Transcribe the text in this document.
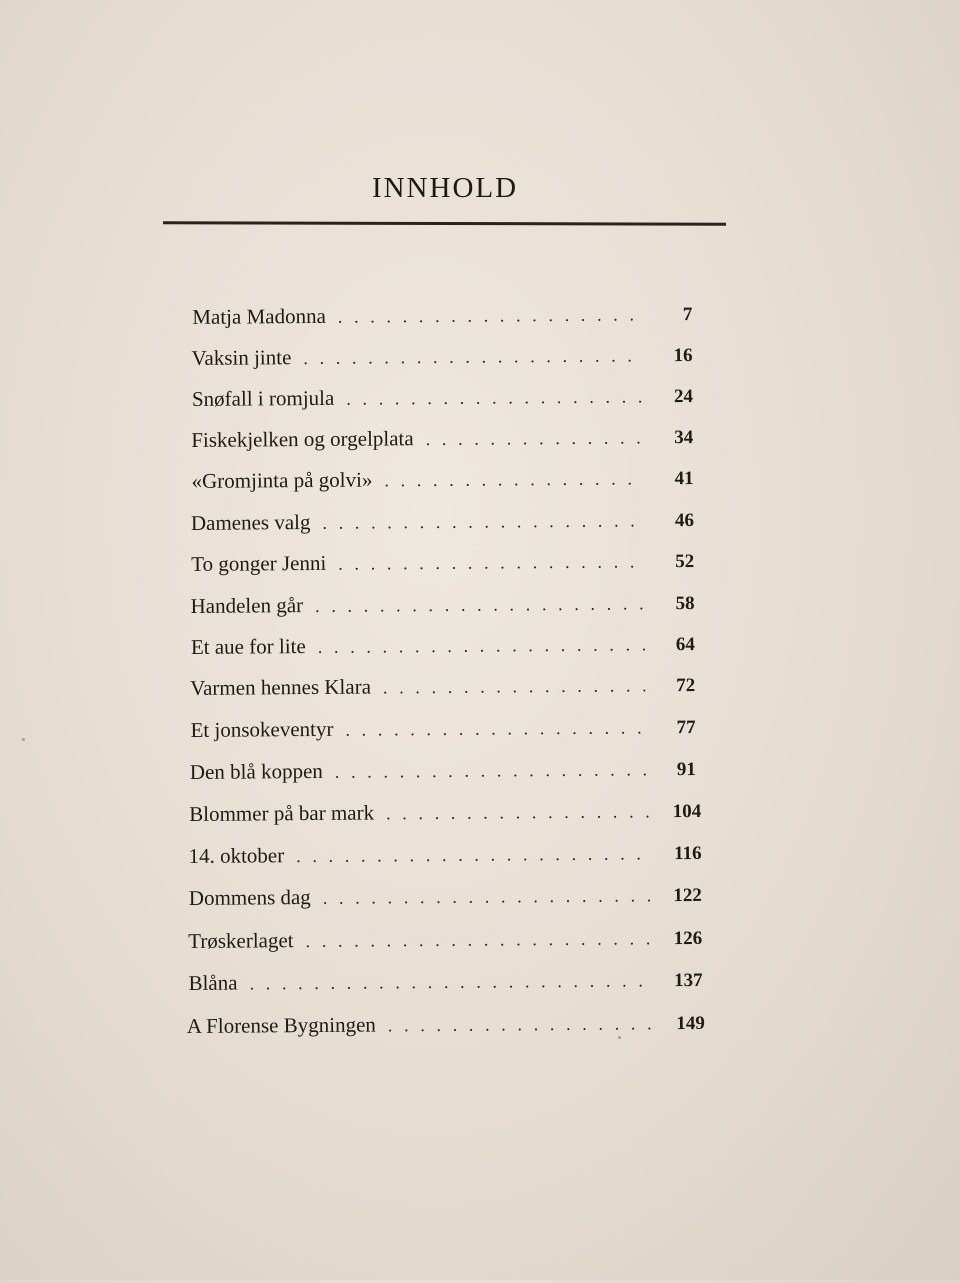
INNHOLD
Matja Madonna . . .	7
Vaksin jinte . . .	16
Snøfall i romjula . . .	24
Fiskekjelken og orgelplata . . .	34
«Gromjinta på golvi» . . .	41
Damenes valg . . .	46
To gonger Jenni . . .	52
Handelen går . . .	58
Et aue for lite . . .	64
Varmen hennes Klara . . .	72
Et jonsokeventyr . . .	77
Den blå koppen . . .	91
Blommer på bar mark . . .	104
14. oktober . . .	116
Dommens dag . . .	122
Trøskerlaget . . .	126
Blåna . . .	137
A Florense Bygningen . . .	149
